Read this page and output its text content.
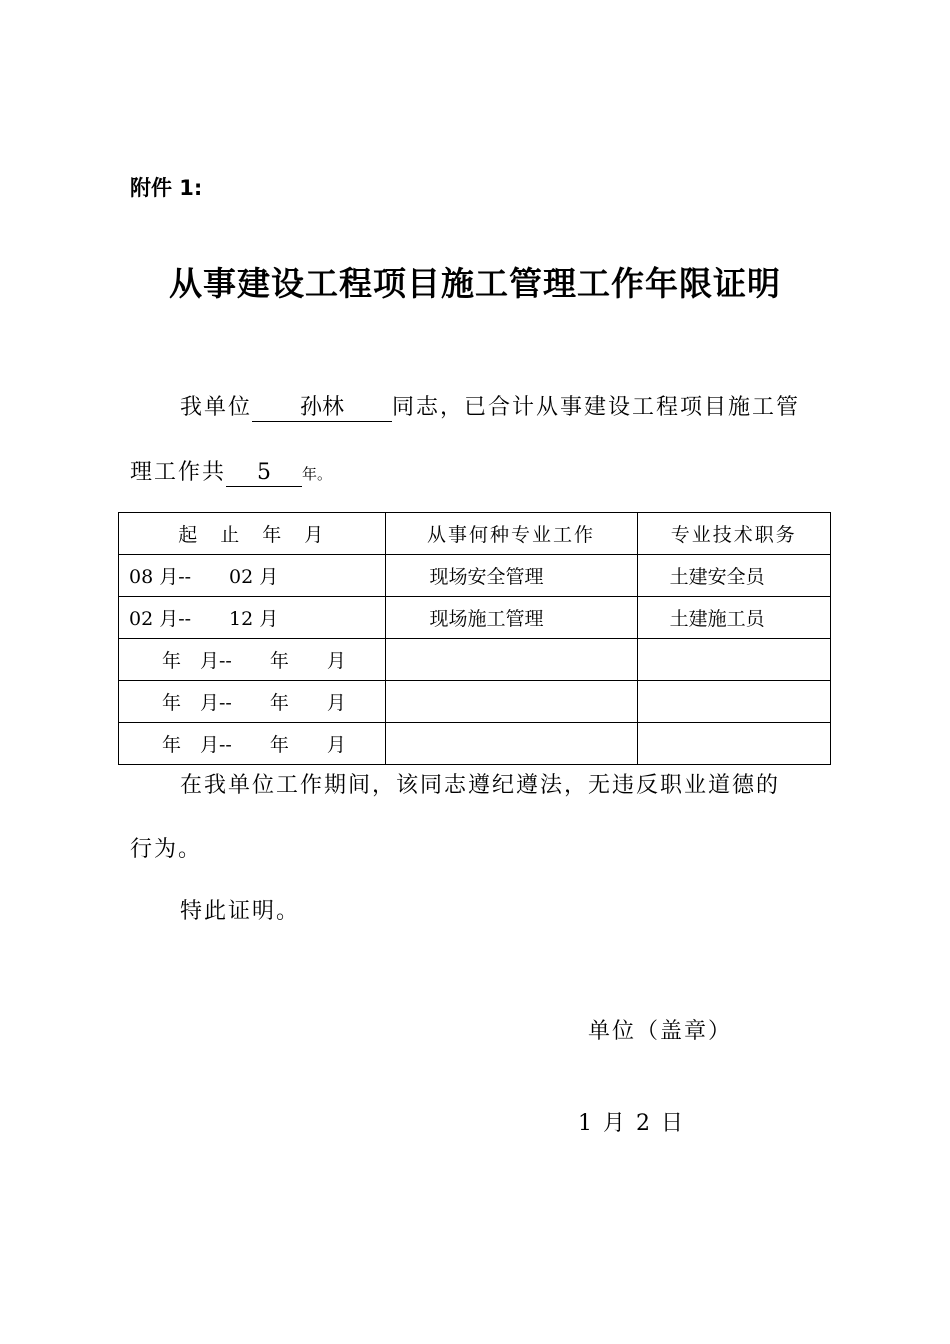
附件 1:
从事建设工程项目施工管理工作年限证明
我单位 孙林 同志，已合计从事建设工程项目施工管
理工作共 5 年。
起　止　年　月	从事何种专业工作	专业技术职务
08 月--　　02 月	现场安全管理	土建安全员
02 月--　　12 月	现场施工管理	土建施工员
年　月--　　年　　月		
年　月--　　年　　月		
年　月--　　年　　月		
在我单位工作期间，该同志遵纪遵法，无违反职业道德的
行为。
特此证明。
单位（盖章）
1 月 2 日
